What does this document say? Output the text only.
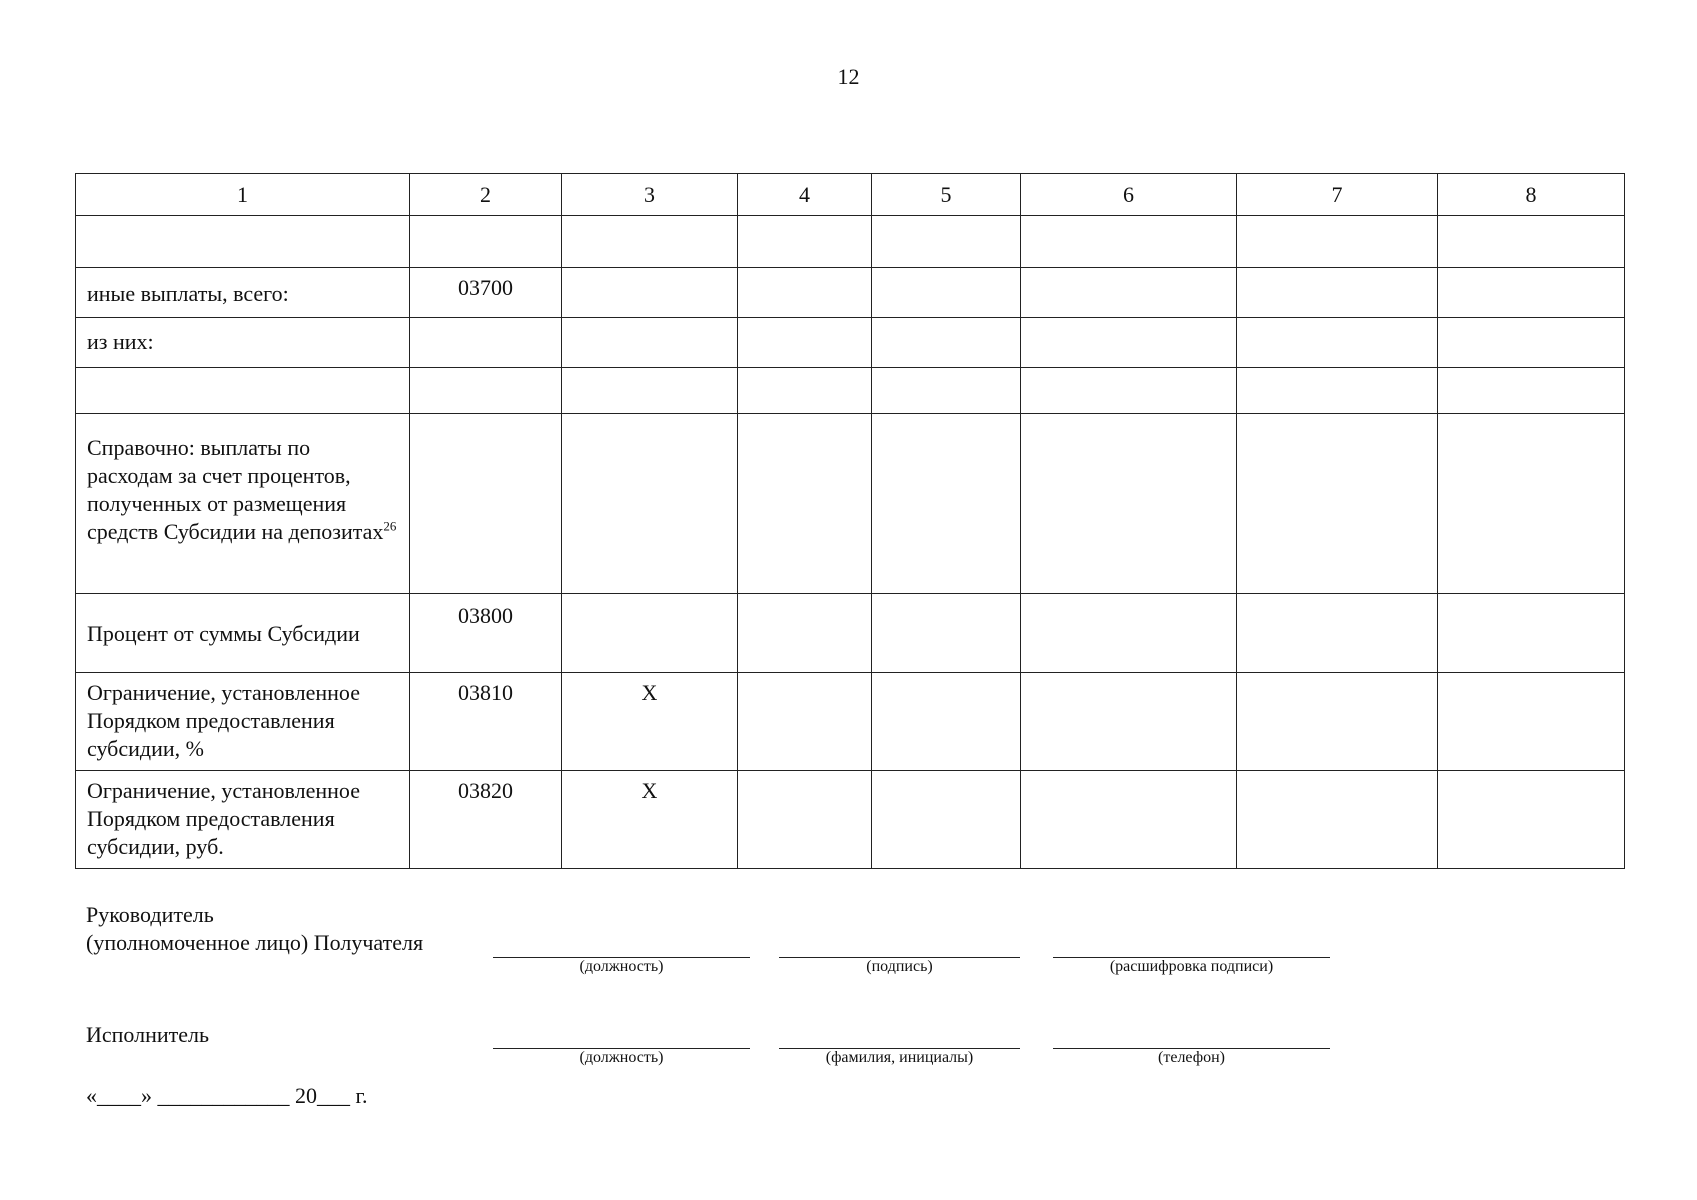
12
1	2	3	4	5	6	7	8

иные выплаты, всего:	03700						
из них:							

Справочно: выплаты по расходам за счет процентов, полученных от размещения средств Субсидии на депозитах$^{26}$							
Процент от суммы Субсидии	03800						
Ограничение, установленное Порядком предоставления субсидии, %	03810	X					
Ограничение, установленное Порядком предоставления субсидии, руб.	03820	X					
Руководитель
(уполномоченное лицо) Получателя
(должность)	(подпись)	(расшифровка подписи)
Исполнитель
(должность)	(фамилия, инициалы)	(телефон)
«____» ____________ 20___ г.
